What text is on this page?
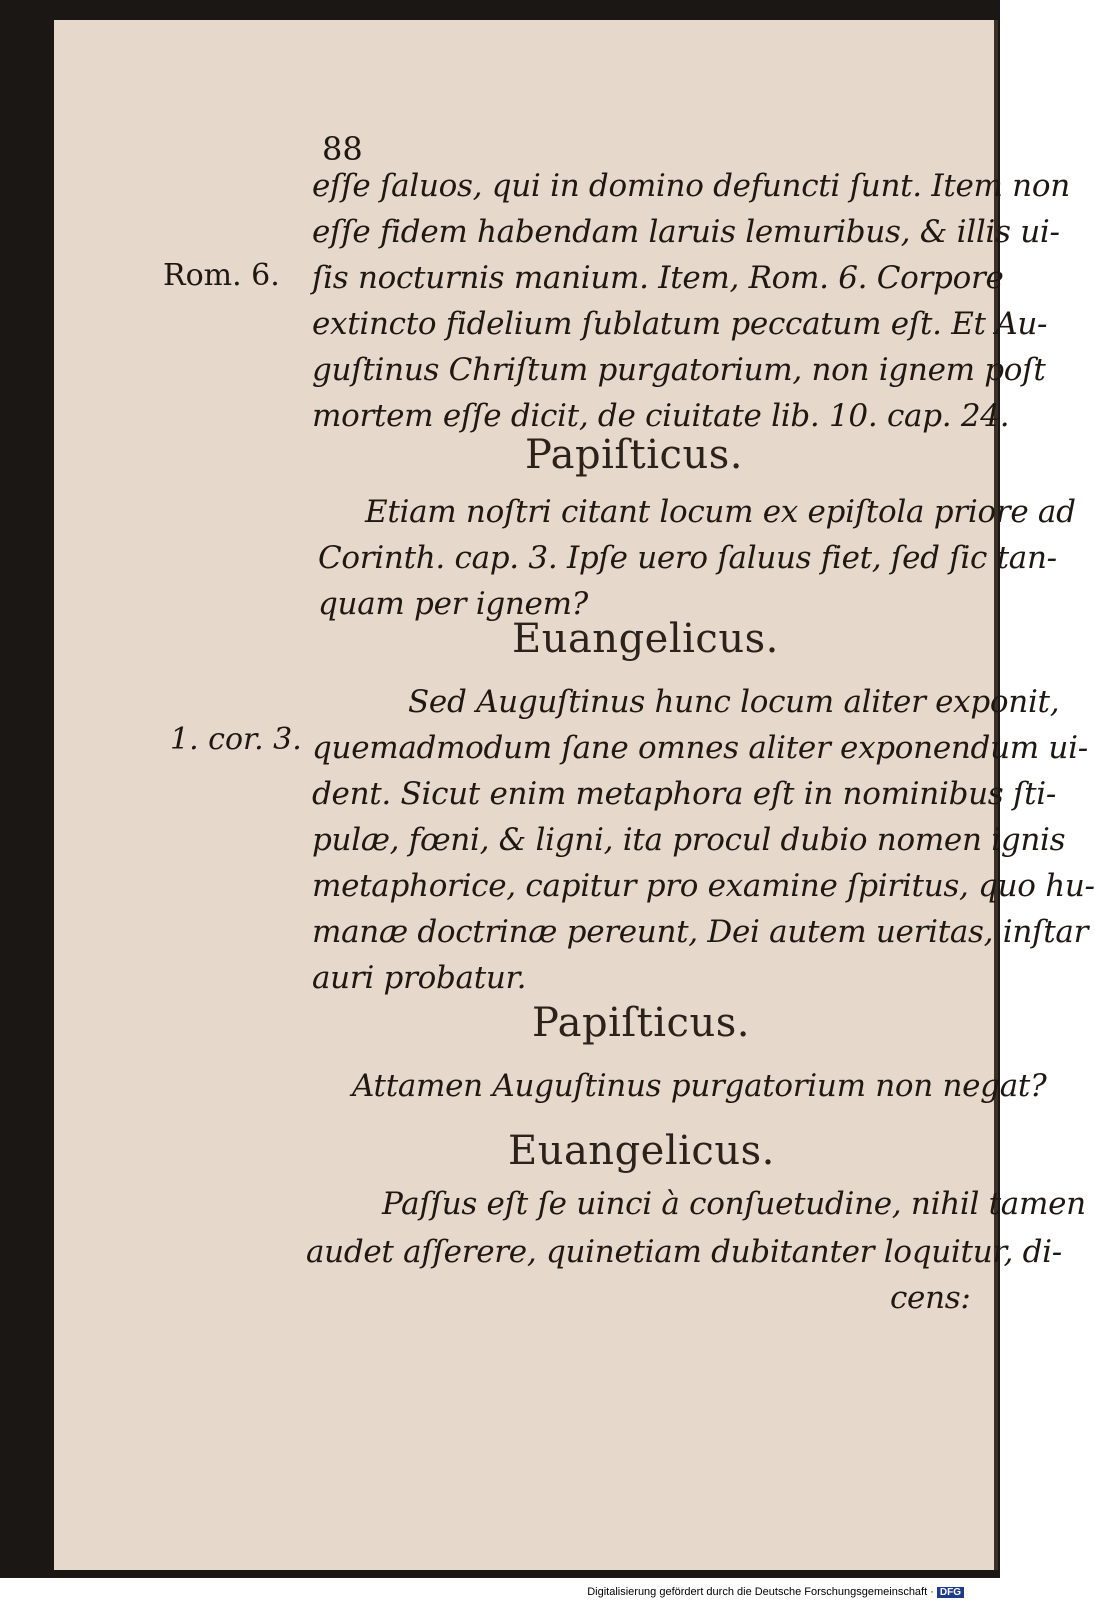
88
Rom. 6.
1. cor. 3.
eſſe ſaluos, qui in domino defuncti ſunt. Item non
eſſe fidem habendam laruis lemuribus, & illis ui-
ſis nocturnis manium. Item, Rom. 6. Corpore
extincto fidelium ſublatum peccatum eſt. Et Au-
guſtinus Chriſtum purgatorium, non ignem poſt
mortem eſſe dicit, de ciuitate lib. 10. cap. 24.
Papiſticus.
Etiam noſtri citant locum ex epiſtola priore ad
Corinth. cap. 3. Ipſe uero ſaluus fiet, ſed ſic tan-
quam per ignem?
Euangelicus.
Sed Auguſtinus hunc locum aliter exponit,
quemadmodum ſane omnes aliter exponendum ui-
dent. Sicut enim metaphora eſt in nominibus ſti-
pulæ, fœni, & ligni, ita procul dubio nomen ignis
metaphorice, capitur pro examine ſpiritus, quo hu-
manæ doctrinæ pereunt, Dei autem ueritas, inſtar
auri probatur.
Papiſticus.
Attamen Auguſtinus purgatorium non negat?
Euangelicus.
Paſſus eſt ſe uinci à conſuetudine, nihil tamen
audet aſſerere, quinetiam dubitanter loquitur, di-
cens:
Digitalisierung gefördert durch die Deutsche Forschungsgemeinschaft · DFG
